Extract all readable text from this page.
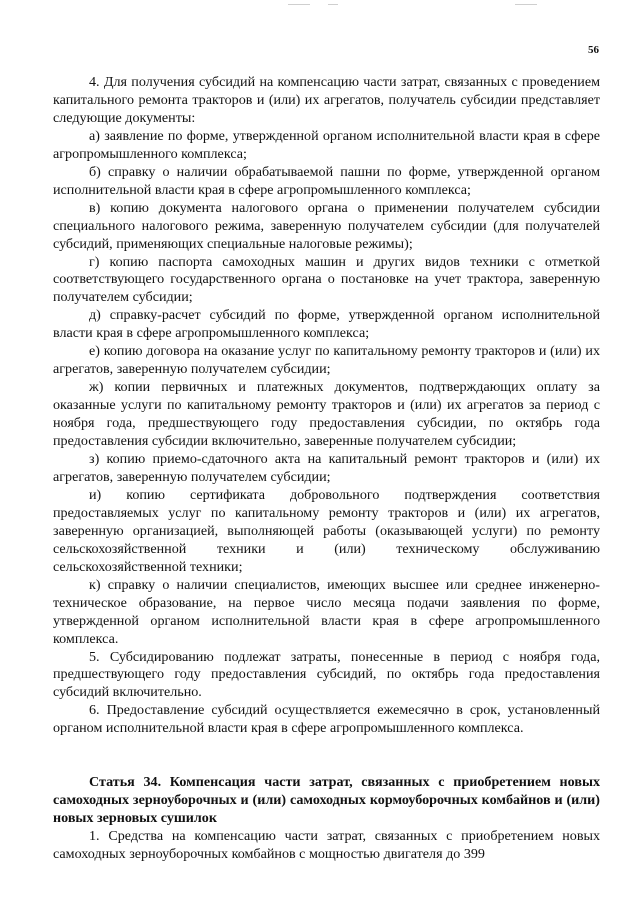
56

4. Для получения субсидий на компенсацию части затрат, связанных с проведением капитального ремонта тракторов и (или) их агрегатов, получатель субсидии представляет следующие документы:

а) заявление по форме, утвержденной органом исполнительной власти края в сфере агропромышленного комплекса;

б) справку о наличии обрабатываемой пашни по форме, утвержденной органом исполнительной власти края в сфере агропромышленного комплекса;

в) копию документа налогового органа о применении получателем субсидии специального налогового режима, заверенную получателем субсидии (для получателей субсидий, применяющих специальные налоговые режимы);

г) копию паспорта самоходных машин и других видов техники с отметкой соответствующего государственного органа о постановке на учет трактора, заверенную получателем субсидии;

д) справку-расчет субсидий по форме, утвержденной органом исполнительной власти края в сфере агропромышленного комплекса;

е) копию договора на оказание услуг по капитальному ремонту тракторов и (или) их агрегатов, заверенную получателем субсидии;

ж) копии первичных и платежных документов, подтверждающих оплату за оказанные услуги по капитальному ремонту тракторов и (или) их агрегатов за период с ноября года, предшествующего году предоставления субсидии, по октябрь года предоставления субсидии включительно, заверенные получателем субсидии;

з) копию приемо-сдаточного акта на капитальный ремонт тракторов и (или) их агрегатов, заверенную получателем субсидии;

и) копию сертификата добровольного подтверждения соответствия предоставляемых услуг по капитальному ремонту тракторов и (или) их агрегатов, заверенную организацией, выполняющей работы (оказывающей услуги) по ремонту сельскохозяйственной техники и (или) техническому обслуживанию сельскохозяйственной техники;

к) справку о наличии специалистов, имеющих высшее или среднее инженерно-техническое образование, на первое число месяца подачи заявления по форме, утвержденной органом исполнительной власти края в сфере агропромышленного комплекса.

5. Субсидированию подлежат затраты, понесенные в период с ноября года, предшествующего году предоставления субсидий, по октябрь года предоставления субсидий включительно.

6. Предоставление субсидий осуществляется ежемесячно в срок, установленный органом исполнительной власти края в сфере агропромышленного комплекса.

Статья 34. Компенсация части затрат, связанных с приобретением новых самоходных зерноуборочных и (или) самоходных кормоуборочных комбайнов и (или) новых зерновых сушилок

1. Средства на компенсацию части затрат, связанных с приобретением новых самоходных зерноуборочных комбайнов с мощностью двигателя до 399
